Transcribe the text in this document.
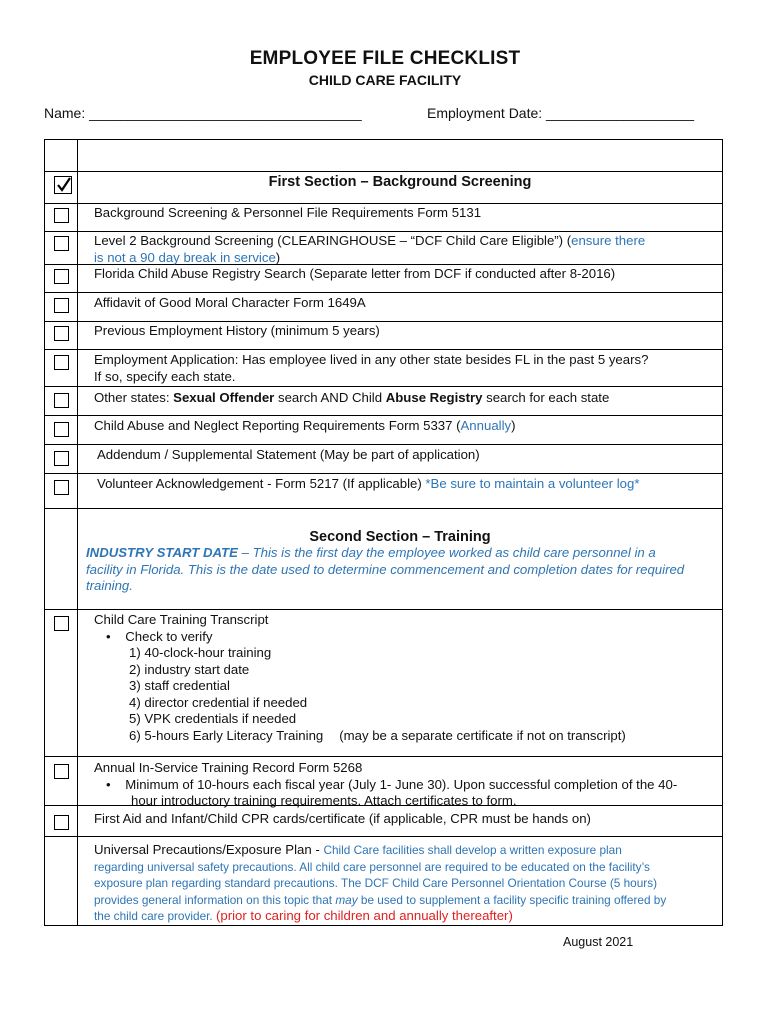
EMPLOYEE FILE CHECKLIST
CHILD CARE FACILITY
Name: ___________________________________	Employment Date: ___________________
First Section – Background Screening
Background Screening & Personnel File Requirements Form 5131
Level 2 Background Screening (CLEARINGHOUSE – “DCF Child Care Eligible”) (ensure there
is not a 90 day break in service)
Florida Child Abuse Registry Search (Separate letter from DCF if conducted after 8-2016)
Affidavit of Good Moral Character Form 1649A
Previous Employment History (minimum 5 years)
Employment Application: Has employee lived in any other state besides FL in the past 5 years?
If so, specify each state.
Other states: Sexual Offender search AND Child Abuse Registry search for each state
Child Abuse and Neglect Reporting Requirements Form 5337 (Annually)
Addendum / Supplemental Statement (May be part of application)
Volunteer Acknowledgement - Form 5217 (If applicable) *Be sure to maintain a volunteer log*
Second Section – Training
INDUSTRY START DATE – This is the first day the employee worked as child care personnel in a
facility in Florida. This is the date used to determine commencement and completion dates for required
training.
Child Care Training Transcript
•    Check to verify
1) 40-clock-hour training
2) industry start date
3) staff credential
4) director credential if needed
5) VPK credentials if needed
6) 5-hours Early Literacy Training (may be a separate certificate if not on transcript)
Annual In-Service Training Record Form 5268
•    Minimum of 10-hours each fiscal year (July 1- June 30). Upon successful completion of the 40-
hour introductory training requirements. Attach certificates to form.
First Aid and Infant/Child CPR cards/certificate (if applicable, CPR must be hands on)
Universal Precautions/Exposure Plan - Child Care facilities shall develop a written exposure plan
regarding universal safety precautions. All child care personnel are required to be educated on the facility’s
exposure plan regarding standard precautions. The DCF Child Care Personnel Orientation Course (5 hours)
provides general information on this topic that may be used to supplement a facility specific training offered by
the child care provider. (prior to caring for children and annually thereafter)
August 2021
